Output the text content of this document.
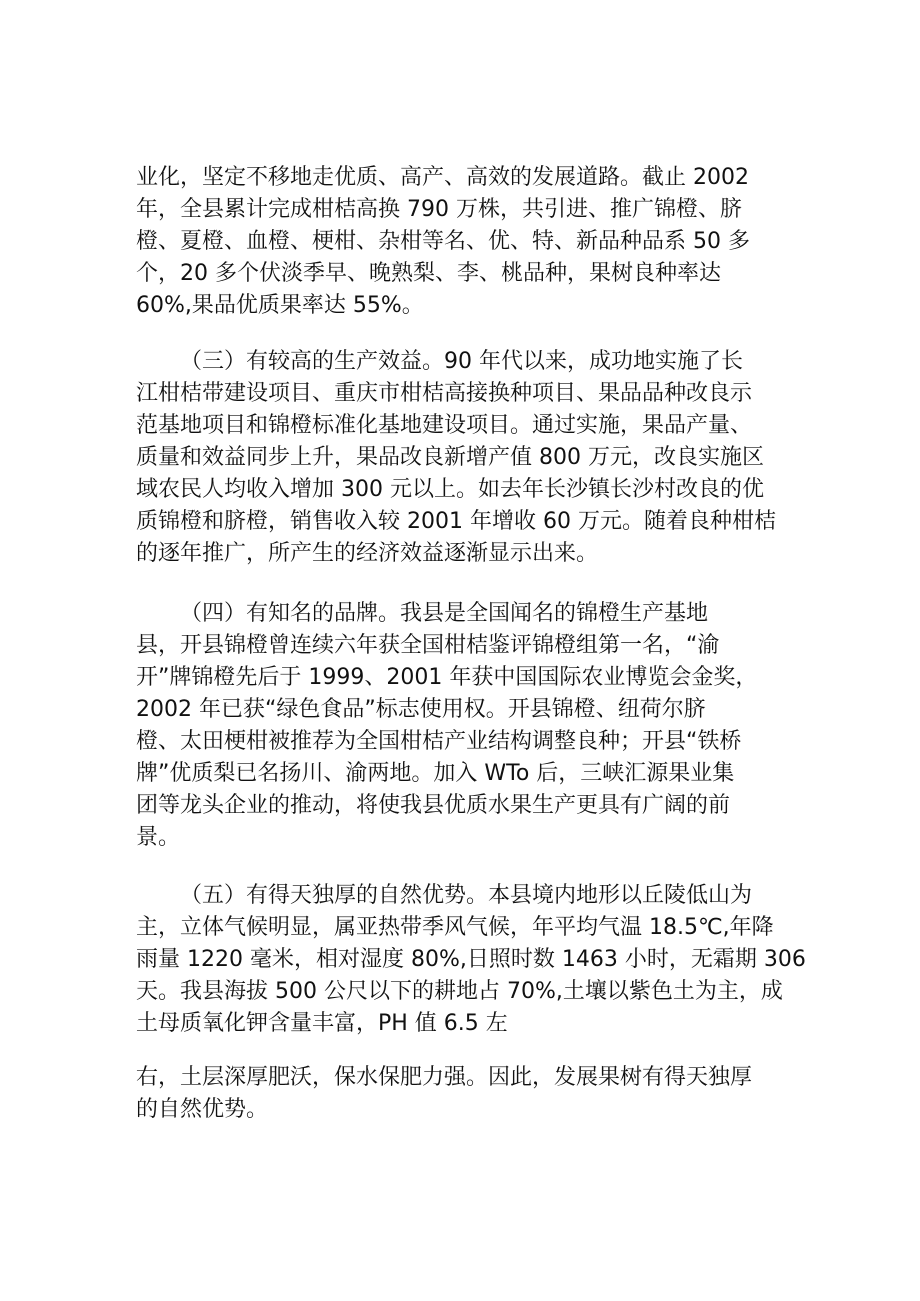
业化，坚定不移地走优质、高产、高效的发展道路。截止 2002
年，全县累计完成柑桔高换 790 万株，共引进、推广锦橙、脐
橙、夏橙、血橙、梗柑、杂柑等名、优、特、新品种品系 50 多
个，20 多个伏淡季早、晚熟梨、李、桃品种，果树良种率达
60%,果品优质果率达 55%。
（三）有较高的生产效益。90 年代以来，成功地实施了长
江柑桔带建设项目、重庆市柑桔高接换种项目、果品品种改良示
范基地项目和锦橙标准化基地建设项目。通过实施，果品产量、
质量和效益同步上升，果品改良新增产值 800 万元，改良实施区
域农民人均收入增加 300 元以上。如去年长沙镇长沙村改良的优
质锦橙和脐橙，销售收入较 2001 年增收 60 万元。随着良种柑桔
的逐年推广，所产生的经济效益逐渐显示出来。
（四）有知名的品牌。我县是全国闻名的锦橙生产基地
县，开县锦橙曾连续六年获全国柑桔鉴评锦橙组第一名，“渝
开”牌锦橙先后于 1999、2001 年获中国国际农业博览会金奖，
2002 年已获“绿色食品”标志使用权。开县锦橙、纽荷尔脐
橙、太田梗柑被推荐为全国柑桔产业结构调整良种；开县“铁桥
牌”优质梨已名扬川、渝两地。加入 WTo 后，三峡汇源果业集
团等龙头企业的推动，将使我县优质水果生产更具有广阔的前
景。
（五）有得天独厚的自然优势。本县境内地形以丘陵低山为
主，立体气候明显，属亚热带季风气候，年平均气温 18.5℃,年降
雨量 1220 毫米，相对湿度 80%,日照时数 1463 小时，无霜期 306
天。我县海拔 500 公尺以下的耕地占 70%,土壤以紫色土为主，成
土母质氧化钾含量丰富，PH 值 6.5 左
右，土层深厚肥沃，保水保肥力强。因此，发展果树有得天独厚
的自然优势。
